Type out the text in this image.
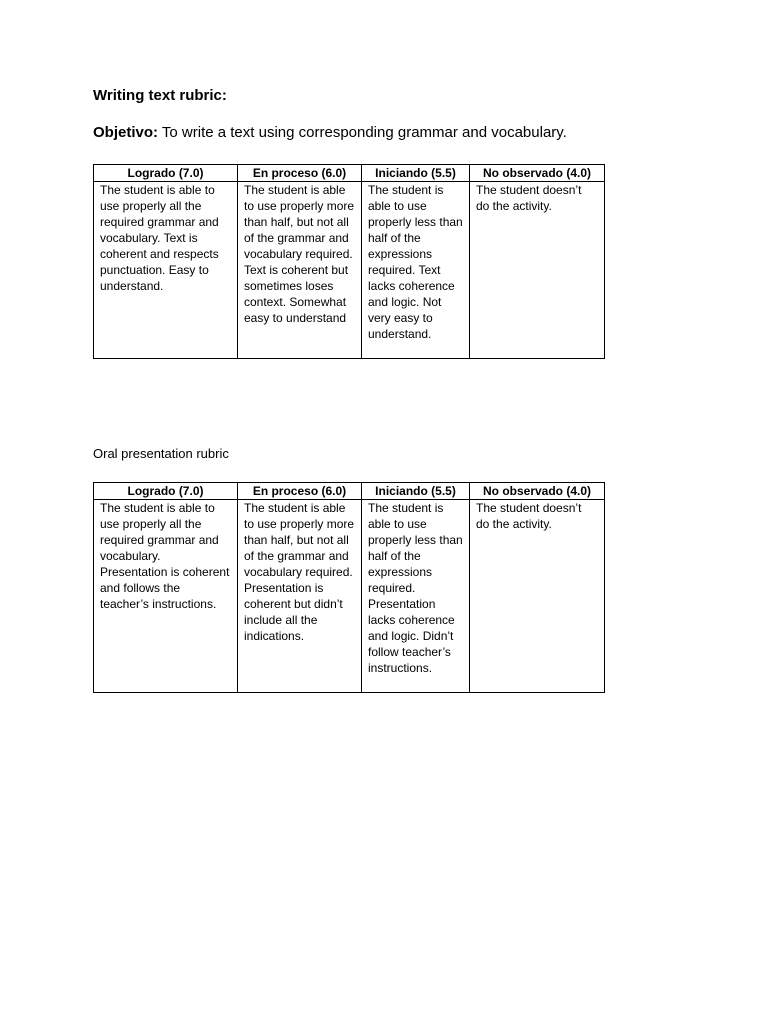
Writing text rubric:

Objetivo: To write a text using corresponding grammar and vocabulary.

Logrado (7.0)	En proceso (6.0)	Iniciando (5.5)	No observado (4.0)
The student is able to use properly all the required grammar and vocabulary. Text is coherent and respects punctuation. Easy to understand.	The student is able to use properly more than half, but not all of the grammar and vocabulary required. Text is coherent but sometimes loses context. Somewhat easy to understand	The student is able to use properly less than half of the expressions required. Text lacks coherence and logic. Not very easy to understand.	The student doesn’t do the activity.

Oral presentation rubric

Logrado (7.0)	En proceso (6.0)	Iniciando (5.5)	No observado (4.0)
The student is able to use properly all the required grammar and vocabulary. Presentation is coherent and follows the teacher’s instructions.	The student is able to use properly more than half, but not all of the grammar and vocabulary required. Presentation is coherent but didn’t include all the indications.	The student is able to use properly less than half of the expressions required. Presentation lacks coherence and logic. Didn’t follow teacher’s instructions.	The student doesn’t do the activity.
